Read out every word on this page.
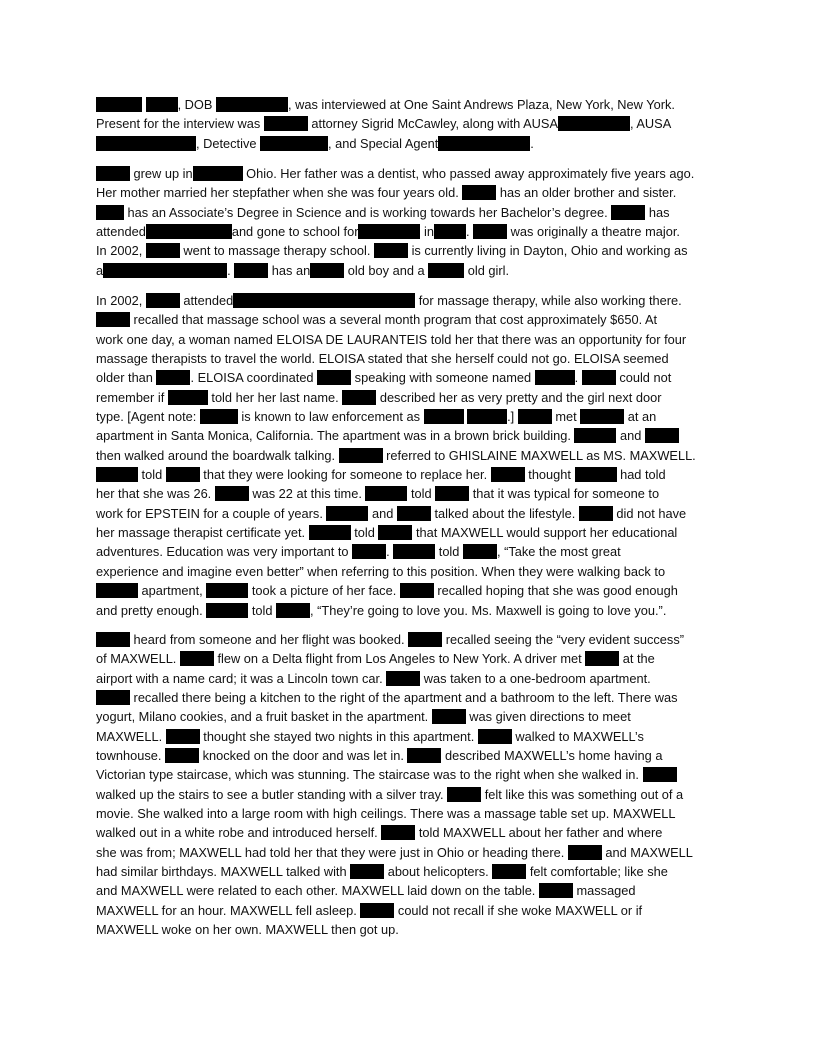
, DOB	, was interviewed at One Saint Andrews Plaza, New York, New York.
Present for the interview was	attorney Sigrid McCawley, along with AUSA	, AUSA
, Detective	, and Special Agent	.
grew up in	Ohio. Her father was a dentist, who passed away approximately five years ago.
Her mother married her stepfather when she was four years old.	has an older brother and sister.
has an Associate’s Degree in Science and is working towards her Bachelor’s degree.	has
attended	and gone to school for	in	.	was originally a theatre major.
In 2002,	went to massage therapy school.	is currently living in Dayton, Ohio and working as
a	.	has an	old boy and a	old girl.
In 2002,	attended	for massage therapy, while also working there.
recalled that massage school was a several month program that cost approximately $650. At
work one day, a woman named ELOISA DE LAURANTEIS told her that there was an opportunity for four
massage therapists to travel the world. ELOISA stated that she herself could not go. ELOISA seemed
older than	. ELOISA coordinated	speaking with someone named	.	could not
remember if	told her her last name.	described her as very pretty and the girl next door
type. [Agent note:	is known to law enforcement as	.]	met	at an
apartment in Santa Monica, California. The apartment was in a brown brick building.	and
then walked around the boardwalk talking.	referred to GHISLAINE MAXWELL as MS. MAXWELL.
told	that they were looking for someone to replace her.	thought	had told
her that she was 26.	was 22 at this time.	told	that it was typical for someone to
work for EPSTEIN for a couple of years.	and	talked about the lifestyle.	did not have
her massage therapist certificate yet.	told	that MAXWELL would support her educational
adventures. Education was very important to	.	told	, “Take the most great
experience and imagine even better” when referring to this position. When they were walking back to
apartment,	took a picture of her face.	recalled hoping that she was good enough
and pretty enough.	told	, “They’re going to love you. Ms. Maxwell is going to love you.”.
heard from someone and her flight was booked.	recalled seeing the “very evident success”
of MAXWELL.	flew on a Delta flight from Los Angeles to New York. A driver met	at the
airport with a name card; it was a Lincoln town car.	was taken to a one-bedroom apartment.
recalled there being a kitchen to the right of the apartment and a bathroom to the left. There was
yogurt, Milano cookies, and a fruit basket in the apartment.	was given directions to meet
MAXWELL.	thought she stayed two nights in this apartment.	walked to MAXWELL’s
townhouse.	knocked on the door and was let in.	described MAXWELL’s home having a
Victorian type staircase, which was stunning. The staircase was to the right when she walked in.
walked up the stairs to see a butler standing with a silver tray.	felt like this was something out of a
movie. She walked into a large room with high ceilings. There was a massage table set up. MAXWELL
walked out in a white robe and introduced herself.	told MAXWELL about her father and where
she was from; MAXWELL had told her that they were just in Ohio or heading there.	and MAXWELL
had similar birthdays. MAXWELL talked with	about helicopters.	felt comfortable; like she
and MAXWELL were related to each other. MAXWELL laid down on the table.	massaged
MAXWELL for an hour. MAXWELL fell asleep.	could not recall if she woke MAXWELL or if
MAXWELL woke on her own. MAXWELL then got up.
